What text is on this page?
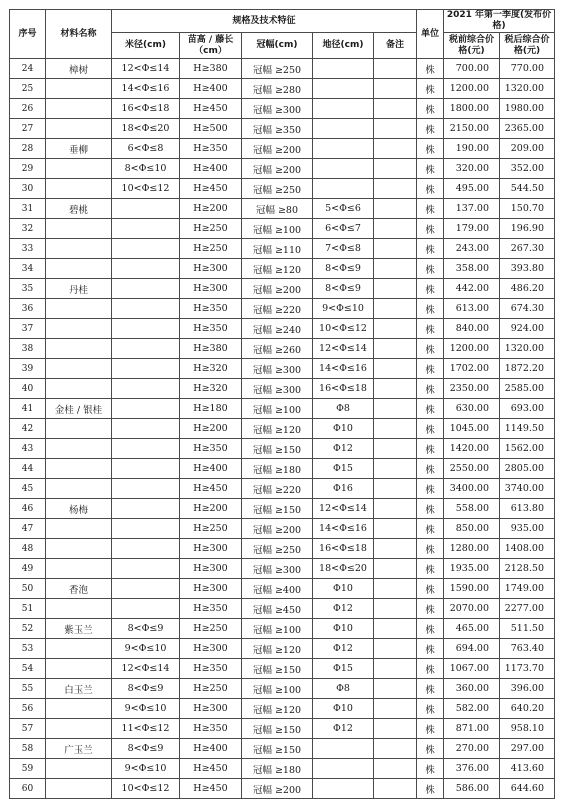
序号	材料名称	规格及技术特征					单位	2021 年第一季度(发布价格)	
		米径(cm)	苗高 / 藤长（cm）	冠幅(cm)	地径(cm)	备注		税前综合价格(元)	税后综合价格(元)
24	樟树	12<Φ≤14	H≥380	冠幅 ≥250			株	700.00	770.00
25		14<Φ≤16	H≥400	冠幅 ≥280			株	1200.00	1320.00
26		16<Φ≤18	H≥450	冠幅 ≥300			株	1800.00	1980.00
27		18<Φ≤20	H≥500	冠幅 ≥350			株	2150.00	2365.00
28	垂柳	6<Φ≤8	H≥350	冠幅 ≥200			株	190.00	209.00
29		8<Φ≤10	H≥400	冠幅 ≥200			株	320.00	352.00
30		10<Φ≤12	H≥450	冠幅 ≥250			株	495.00	544.50
31	碧桃		H≥200	冠幅 ≥80	5<Φ≤6		株	137.00	150.70
32			H≥250	冠幅 ≥100	6<Φ≤7		株	179.00	196.90
33			H≥250	冠幅 ≥110	7<Φ≤8		株	243.00	267.30
34			H≥300	冠幅 ≥120	8<Φ≤9		株	358.00	393.80
35	丹桂		H≥300	冠幅 ≥200	8<Φ≤9		株	442.00	486.20
36			H≥350	冠幅 ≥220	9<Φ≤10		株	613.00	674.30
37			H≥350	冠幅 ≥240	10<Φ≤12		株	840.00	924.00
38			H≥380	冠幅 ≥260	12<Φ≤14		株	1200.00	1320.00
39			H≥320	冠幅 ≥300	14<Φ≤16		株	1702.00	1872.20
40			H≥320	冠幅 ≥300	16<Φ≤18		株	2350.00	2585.00
41	金桂 / 银桂		H≥180	冠幅 ≥100	Φ8		株	630.00	693.00
42			H≥200	冠幅 ≥120	Φ10		株	1045.00	1149.50
43			H≥350	冠幅 ≥150	Φ12		株	1420.00	1562.00
44			H≥400	冠幅 ≥180	Φ15		株	2550.00	2805.00
45			H≥450	冠幅 ≥220	Φ16		株	3400.00	3740.00
46	杨梅		H≥200	冠幅 ≥150	12<Φ≤14		株	558.00	613.80
47			H≥250	冠幅 ≥200	14<Φ≤16		株	850.00	935.00
48			H≥300	冠幅 ≥250	16<Φ≤18		株	1280.00	1408.00
49			H≥300	冠幅 ≥300	18<Φ≤20		株	1935.00	2128.50
50	香泡		H≥300	冠幅 ≥400	Φ10		株	1590.00	1749.00
51			H≥350	冠幅 ≥450	Φ12		株	2070.00	2277.00
52	紫玉兰	8<Φ≤9	H≥250	冠幅 ≥100	Φ10		株	465.00	511.50
53		9<Φ≤10	H≥300	冠幅 ≥120	Φ12		株	694.00	763.40
54		12<Φ≤14	H≥350	冠幅 ≥150	Φ15		株	1067.00	1173.70
55	白玉兰	8<Φ≤9	H≥250	冠幅 ≥100	Φ8		株	360.00	396.00
56		9<Φ≤10	H≥300	冠幅 ≥120	Φ10		株	582.00	640.20
57		11<Φ≤12	H≥350	冠幅 ≥150	Φ12		株	871.00	958.10
58	广玉兰	8<Φ≤9	H≥400	冠幅 ≥150			株	270.00	297.00
59		9<Φ≤10	H≥450	冠幅 ≥180			株	376.00	413.60
60		10<Φ≤12	H≥450	冠幅 ≥200			株	586.00	644.60
